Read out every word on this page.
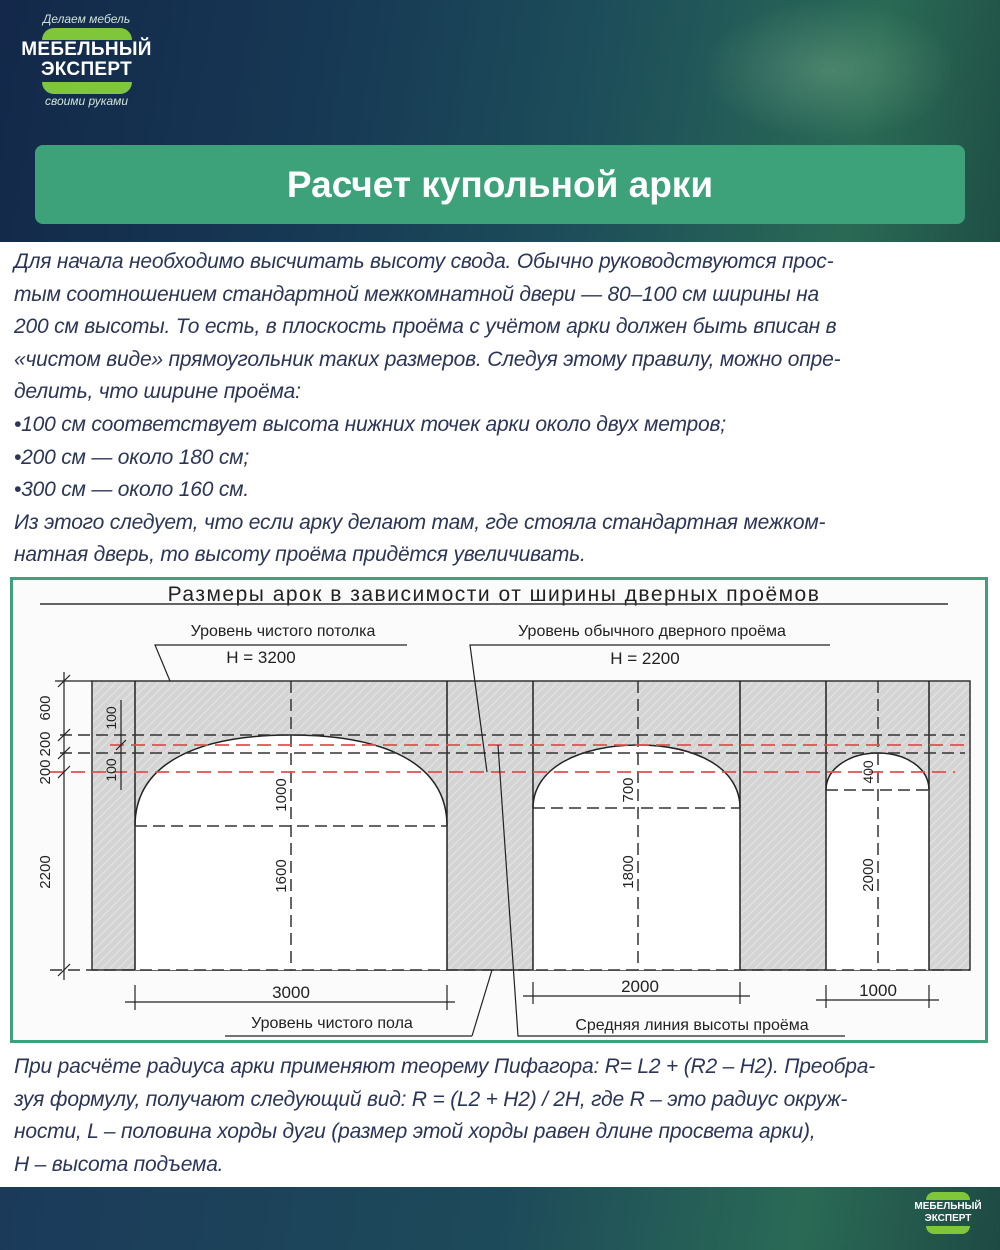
Делаем мебель
МЕБЕЛЬНЫЙ
ЭКСПЕРТ
своими руками
Расчет купольной арки
Для начала необходимо высчитать высоту свода. Обычно руководствуются прос-
тым соотношением стандартной межкомнатной двери — 80–100 см ширины на
200 см высоты. То есть, в плоскость проёма с учётом арки должен быть вписан в
«чистом виде» прямоугольник таких размеров. Следуя этому правилу, можно опре-
делить, что ширине проёма:
•100 см соответствует высота нижних точек арки около двух метров;
•200 см — около 180 см;
•300 см — около 160 см.
Из этого следует, что если арку делают там, где стояла стандартная межком-
натная дверь, то высоту проёма придётся увеличивать.
Размеры арок в зависимости от ширины дверных проёмов
600
200
200
2200
100
100
1000
1600
700
1800
400
2000
3000	2000	1000
Уровень чистого потолка
H = 3200
Уровень обычного дверного проёма
H = 2200
Уровень чистого пола	Средняя линия высоты проёма
При расчёте радиуса арки применяют теорему Пифагора: R= L2 + (R2 – H2). Преобра-
зуя формулу, получают следующий вид: R = (L2 + H2) / 2H, где R – это радиус окруж-
ности, L – половина хорды дуги (размер этой хорды равен длине просвета арки),
H – высота подъема.
МЕБЕЛЬНЫЙ
ЭКСПЕРТ
